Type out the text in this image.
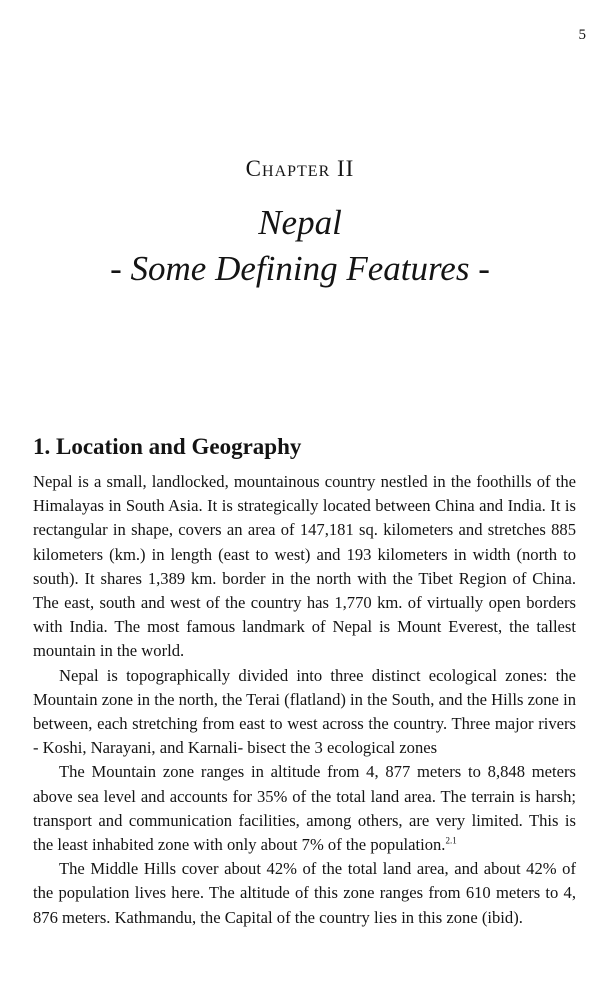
5
Chapter II
Nepal
- Some Defining Features -
1. Location and Geography

Nepal is a small, landlocked, mountainous country nestled in the foothills of the Himalayas in South Asia. It is strategically located between China and India. It is rectangular in shape, covers an area of 147,181 sq. kilometers and stretches 885 kilometers (km.) in length (east to west) and 193 kilometers in width (north to south). It shares 1,389 km. border in the north with the Tibet Region of China. The east, south and west of the country has 1,770 km. of virtually open borders with India. The most famous landmark of Nepal is Mount Everest, the tallest mountain in the world.

Nepal is topographically divided into three distinct ecological zones: the Mountain zone in the north, the Terai (flatland) in the South, and the Hills zone in between, each stretching from east to west across the country. Three major rivers - Koshi, Narayani, and Karnali- bisect the 3 ecological zones

The Mountain zone ranges in altitude from 4, 877 meters to 8,848 meters above sea level and accounts for 35% of the total land area. The terrain is harsh; transport and communication facilities, among others, are very limited. This is the least inhabited zone with only about 7% of the population.$^{2.1}$

The Middle Hills cover about 42% of the total land area, and about 42% of the population lives here. The altitude of this zone ranges from 610 meters to 4, 876 meters. Kathmandu, the Capital of the country lies in this zone (ibid).
